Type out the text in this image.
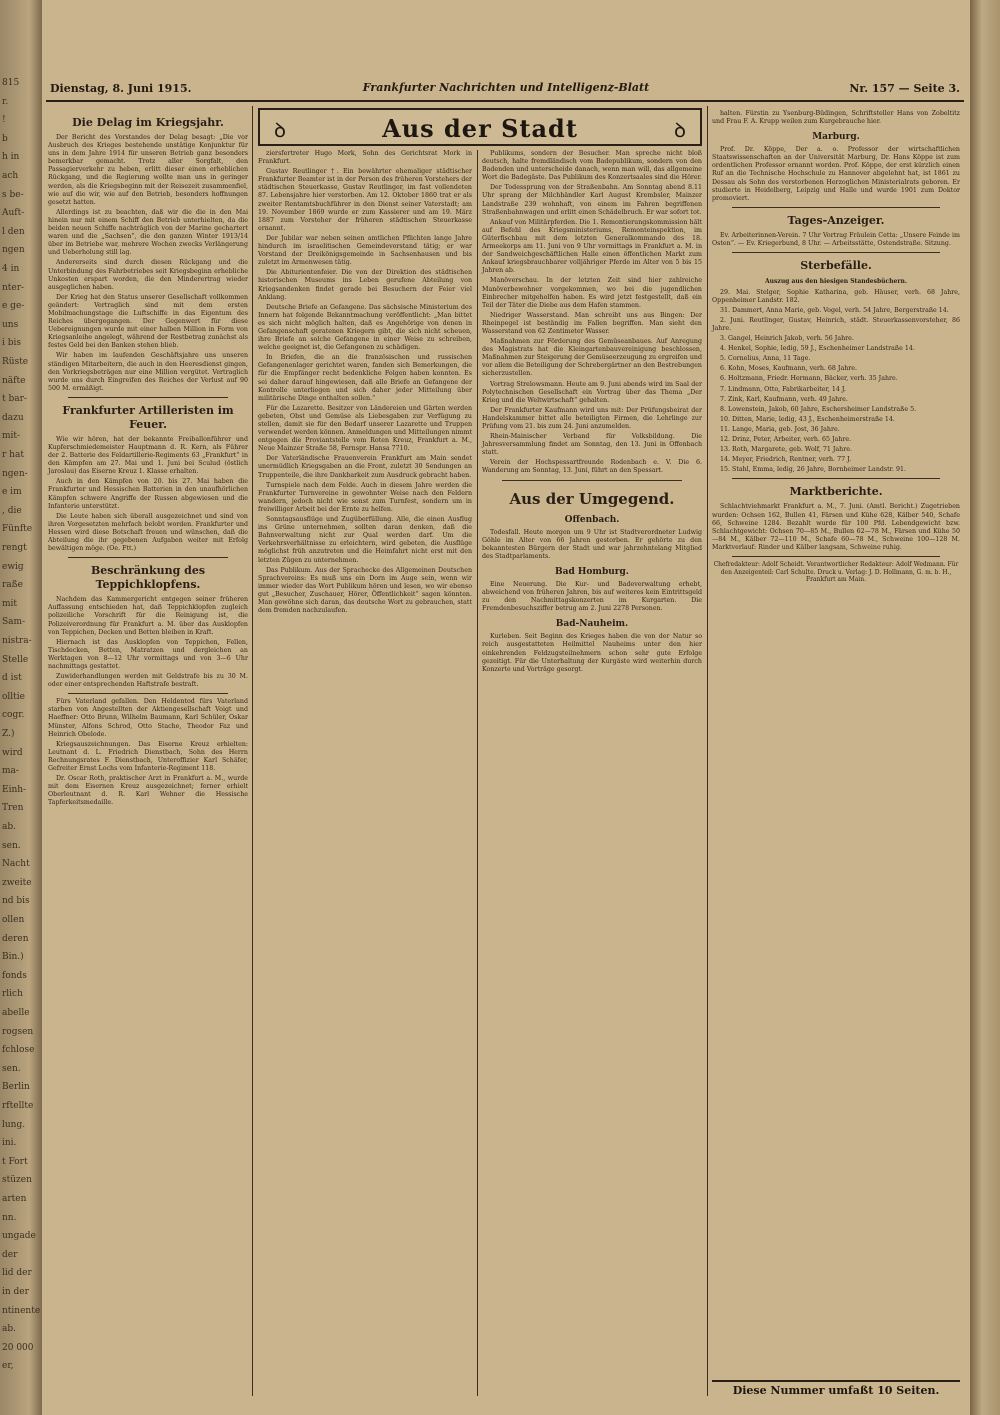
815
r.
!
b
h in
ach
s be-
Auft-
l den
ngen
4 in
nter-
e ge-
uns
i bis
Rüste
näfte
t bar-
dazu
mit-
r hat
ngen-
e im
, die
Fünfte
rengt
ewig
raße
mit
Sam-
nistra-
Stelle
d ist
olltie
cogr.
Z.)
wird
ma-
Einh-
Tren
ab.
sen.
Nacht
zweite
nd bis
ollen
deren
Bin.)
fonds
rlich
abelle
rogsen
fchlose
sen.
Berlin
rftellte
lung.
ini.
t Fort
stüzen
arten
nn.
ungade
der
lid der
in der
ntinente
ab.
20 000
er,
Dienstag, 8. Juni 1915.	Frankfurter Nachrichten und Intelligenz-Blatt	Nr. 157 — Seite 3.
ꝺ	Aus der Stadt	ꝺ
Die Delag im Kriegsjahr.

Der Bericht des Vorstandes der Delag besagt: „Die vor Ausbruch des Krieges bestehende unstätige Konjunktur für uns in dem Jahre 1914 für unseren Betrieb ganz besonders bemerkbar gemacht. Trotz aller Sorgfalt, den Passagierverkehr zu heben, erlitt dieser einen erheblichen Rückgang, und die Regierung wollte man uns in geringer werden, als die Kriegsbeginn mit der Reisezeit zusammenfiel, wie auf die wir, wie auf den Betrieb, besonders hoffnungen gesetzt hatten.

Allerdings ist zu beachten, daß wir die die in den Mai hinein nur mit einem Schiff den Betrieb unterhielten, da die beiden neuen Schiffe nachträglich von der Marine gechartert waren und die „Sachsen“, die den ganzen Winter 1913/14 über im Betriebe war, mehrere Wochen zwecks Verlängerung und Ueberholung still lag.

Andererseits sind durch diesen Rückgang und die Unterbindung des Fahrbetriebes seit Kriegsbeginn erhebliche Unkosten erspart worden, die den Minderertrag wieder ausgeglichen haben.

Der Krieg hat den Status unserer Gesellschaft vollkommen geändert: Vertraglich sind mit dem ersten Mobilmachungstage die Luftschiffe in das Eigentum des Reiches übergegangen. Der Gegenwert für diese Uebereignungen wurde mit einer halben Million in Form von Kriegsanleihe angelegt, während der Restbetrag zunächst als festes Geld bei den Banken stehen blieb.

Wir haben im laufenden Geschäftsjahre uns unseren ständigen Mitarbeitern, die auch in den Heeresdienst gingen, den Vorkriegsbeträgen nur eine Million vergütet. Vertraglich wurde uns durch Eingreifen des Reiches der Verlust auf 90 500 M. ermäßigt.

Frankfurter Artilleristen im Feuer.

Wie wir hören, hat der bekannte Freiballonführer und Kupferschmiedemeister Hauptmann d. R. Kern, als Führer der 2. Batterie des Feldartillerie-Regiments 63 „Frankfurt“ in den Kämpfen am 27. Mai und 1. Juni bei Sculud (östlich Jaroslau) das Eiserne Kreuz 1. Klasse erhalten.

Auch in den Kämpfen von 20. bis 27. Mai haben die Frankfurter und Hessischen Batterien in den unaufhörlichen Kämpfen schwere Angriffe der Russen abgewiesen und die Infanterie unterstützt.

Die Leute haben sich überall ausgezeichnet und sind von ihren Vorgesetzten mehrfach belobt worden. Frankfurter und Hessen wird diese Botschaft freuen und wünschen, daß die Abteilung die ihr gegebenen Aufgaben weiter mit Erfolg bewältigen möge. (Oe. Ftt.)

Beschränkung des Teppichklopfens.

Nachdem das Kammergericht entgegen seiner früheren Auffassung entschieden hat, daß Teppichklopfen zugleich polizeiliche Vorschrift für die Reinigung ist, die Polizeiverordnung für Frankfurt a. M. über das Ausklopfen von Teppichen, Decken und Betten bleiben in Kraft.

Hiernach ist das Ausklopfen von Teppichen, Fellen, Tischdecken, Betten, Matratzen und dergleichen an Werktagen von 8—12 Uhr vormittags und von 3—6 Uhr nachmittags gestattet.

Zuwiderhandlungen werden mit Geldstrafe bis zu 30 M. oder einer entsprechenden Haftstrafe bestraft.

Fürs Vaterland gefallen. Den Heldentod fürs Vaterland starben von Angestellten der Aktiengesellschaft Voigt und Haeffner: Otto Brunn, Wilhelm Baumann, Karl Schüler, Oskar Münster, Alfons Schrod, Otto Stache, Theodor Faz und Heinrich Obelode.

Kriegsauszeichnungen. Das Eiserne Kreuz erhielten: Leutnant d. L. Friedrich Dienstbach, Sohn des Herrn Rechnungsrates F. Dienstbach, Unteroffizier Karl Schäfer, Gefreiter Ernst Lochs vom Infanterie-Regiment 118.

Dr. Oscar Roth, praktischer Arzt in Frankfurt a. M., wurde mit dem Eisernen Kreuz ausgezeichnet; ferner erhielt Oberleutnant d. R. Karl Wehner die Hessische Tapferkeitsmedaille.

ziersfertreter Hugo Mork, Sohn des Gerichtsrat Mork in Frankfurt.

Gustav Reutlinger †. Ein bewährter ehemaliger städtischer Frankfurter Beamter ist in der Person des früheren Vorstehers der städtischen Steuerkasse, Gustav Reutlinger, im fast vollendeten 87. Lebensjahre hier verstorben. Am 12. Oktober 1860 trat er als zweiter Rentamtsbuchführer in den Dienst seiner Vaterstadt; am 19. November 1869 wurde er zum Kassierer und am 19. März 1887 zum Vorsteher der früheren städtischen Steuerkasse ernannt.

Der Jubilar war neben seinen amtlichen Pflichten lange Jahre hindurch im israelitischen Gemeindevorstand tätig; er war Vorstand der Dreikönigsgemeinde in Sachsenhausen und bis zuletzt im Armenwesen tätig.

Die Abiturientenfeier. Die von der Direktion des städtischen historischen Museums ins Leben gerufene Abteilung von Kriegsandenken findet gerade bei Besuchern der Feier viel Anklang.

Deutsche Briefe an Gefangene. Das sächsische Ministerium des Innern hat folgende Bekanntmachung veröffentlicht: „Man bittet es sich nicht möglich halten, daß es Angehörige von denen in Gefangenschaft geratenen Kriegern gibt, die sich nicht scheuen, ihre Briefe an solche Gefangene in einer Weise zu schreiben, welche geeignet ist, die Gefangenen zu schädigen.

In Briefen, die an die französischen und russischen Gefangenenlager gerichtet waren, fanden sich Bemerkungen, die für die Empfänger recht bedenkliche Folgen haben konnten. Es sei daher darauf hingewiesen, daß alle Briefe an Gefangene der Kontrolle unterliegen und sich daher jeder Mitteilung über militärische Dinge enthalten sollen.“

Für die Lazarette. Besitzer von Ländereien und Gärten werden gebeten, Obst und Gemüse als Liebesgaben zur Verfügung zu stellen, damit sie für den Bedarf unserer Lazarette und Truppen verwendet werden können. Anmeldungen und Mitteilungen nimmt entgegen die Proviantstelle vom Roten Kreuz, Frankfurt a. M., Neue Mainzer Straße 58, Fernspr. Hansa 7710.

Der Vaterländische Frauenverein Frankfurt am Main sendet unermüdlich Kriegsgaben an die Front, zuletzt 30 Sendungen an Truppenteile, die ihre Dankbarkeit zum Ausdruck gebracht haben.

Turnspiele nach dem Felde. Auch in diesem Jahre werden die Frankfurter Turnvereine in gewohnter Weise nach den Feldern wandern, jedoch nicht wie sonst zum Turnfest, sondern um in freiwilliger Arbeit bei der Ernte zu helfen.

Sonntagsausflüge und Zugüberfüllung. Alle, die einen Ausflug ins Grüne unternehmen, sollten daran denken, daß die Bahnverwaltung nicht zur Qual werden darf. Um die Verkehrsverhältnisse zu erleichtern, wird gebeten, die Ausflüge möglichst früh anzutreten und die Heimfahrt nicht erst mit den letzten Zügen zu unternehmen.

Das Publikum. Aus der Sprachecke des Allgemeinen Deutschen Sprachvereins: Es muß uns ein Dorn im Auge sein, wenn wir immer wieder das Wort Publikum hören und lesen, wo wir ebenso gut „Besucher, Zuschauer, Hörer, Öffentlichkeit“ sagen könnten. Man gewöhne sich daran, das deutsche Wort zu gebrauchen, statt dem fremden nachzulaufen.

Publikums, sondern der Besucher. Man spreche nicht bloß deutsch, halte fremdländisch vom Badepublikum, sondern von den Badenden und unterscheide danach, wenn man will, das allgemeine Wort die Badegäste. Das Publikum des Konzertsaales sind die Hörer.

Der Todessprung von der Straßenbahn. Am Sonntag abend 8.11 Uhr sprang der Milchhändler Karl August Krembsler, Mainzer Landstraße 239 wohnhaft, von einem im Fahren begriffenen Straßenbahnwagen und erlitt einen Schädelbruch. Er war sofort tot.

Ankauf von Militärpferden. Die 1. Remontierungskommission hält auf Befehl des Kriegsministeriums, Remonteinspektion, im Güterfischbau mit dem letzten Generalkommando des 18. Armeekorps am 11. Juni von 9 Uhr vormittags in Frankfurt a. M. in der Sandweichgeschäftlichen Halle einen öffentlichen Markt zum Ankauf kriegsbrauchbarer volljähriger Pferde im Alter von 5 bis 15 Jahren ab.

Manöverschau. In der letzten Zeit sind hier zahlreiche Manöverbewohner vorgekommen, wo bei die jugendlichen Einbrecher mitgeholfen haben. Es wird jetzt festgestellt, daß ein Teil der Täter die Diebe aus dem Hafen stammen.

Niedriger Wasserstand. Man schreibt uns aus Bingen: Der Rheinpegel ist beständig im Fallen begriffen. Man sieht den Wasserstand von 62 Zentimeter Wasser.

Maßnahmen zur Förderung des Gemüseanbaues. Auf Anregung des Magistrats hat die Kleingartenbauvereinigung beschlossen, Maßnahmen zur Steigerung der Gemüseerzeugung zu ergreifen und vor allem die Beteiligung der Schrebergärtner an den Bestrebungen sicherzustellen.

Vortrag Strelowsmann. Heute am 9. Juni abends wird im Saal der Polytechnischen Gesellschaft ein Vortrag über das Thema „Der Krieg und die Weltwirtschaft“ gehalten.

Der Frankfurter Kaufmann wird uns mit: Der Prüfungsbeirat der Handelskammer bittet alle beteiligten Firmen, die Lehrlinge zur Prüfung vom 21. bis zum 24. Juni anzumelden.

Rhein-Mainischer Verband für Volksbildung. Die Jahresversammlung findet am Sonntag, den 13. Juni in Offenbach statt.

Verein der Hochspessartfreunde Rodenbach e. V. Die 6. Wanderung am Sonntag, 13. Juni, führt an den Spessart.

Aus der Umgegend.
Offenbach.

Todesfall. Heute morgen um 9 Uhr ist Stadtverordneter Ludwig Göhle im Alter von 66 Jahren gestorben. Er gehörte zu den bekanntesten Bürgern der Stadt und war jahrzehntelang Mitglied des Stadtparlaments.

Bad Homburg.

Eine Neuerung. Die Kur- und Badeverwaltung erhebt, abweichend von früheren Jahren, bis auf weiteres kein Eintrittsgeld zu den Nachmittagskonzerten im Kurgarten. Die Fremdenbesuchsziffer betrug am 2. Juni 2278 Personen.

Bad-Nauheim.

Kurleben. Seit Beginn des Krieges haben die von der Natur so reich ausgestatteten Heilmittel Nauheims unter den hier einkehrenden Feldzugsteilnehmern schon sehr gute Erfolge gezeitigt. Für die Unterhaltung der Kurgäste wird weiterhin durch Konzerte und Vorträge gesorgt.

halten. Fürstin zu Ysenburg-Büdingen, Schriftsteller Hans von Zobeltitz und Frau F. A. Krupp weilen zum Kurgebrauche hier.

Marburg.

Prof. Dr. Köppe, Der a. o. Professor der wirtschaftlichen Staatswissenschaften an der Universität Marburg, Dr. Hans Köppe ist zum ordentlichen Professor ernannt worden. Prof. Köppe, der erst kürzlich einen Ruf an die Technische Hochschule zu Hannover abgelehnt hat, ist 1861 zu Dessau als Sohn des verstorbenen Herzoglichen Ministerialrats geboren. Er studierte in Heidelberg, Leipzig und Halle und wurde 1901 zum Doktor promoviert.

Tages-Anzeiger.

Ev. Arbeiterinnen-Verein. 7 Uhr Vortrag Fräulein Cetta: „Unsere Feinde im Osten“. — Ev. Kriegerbund, 8 Uhr. — Arbeitsstätte, Ostendstraße. Sitzung.

Sterbefälle.
Auszug aus den hiesigen Standesbüchern.

29. Mai. Stelger, Sophie Katharina, geb. Häuser, verh. 68 Jahre, Oppenheimer Landstr. 182.

31. Dammert, Anna Marie, geb. Vogel, verh. 54 Jahre, Bergerstraße 14.

2. Juni. Reutlinger, Gustav, Heinrich, städt. Steuerkassenvorsteher, 86 Jahre.

3. Gangel, Heinrich Jakob, verh. 56 Jahre.

4. Henkel, Sophie, ledig, 59 J., Eschenheimer Landstraße 14.

5. Cornelius, Anna, 11 Tage.

6. Kohn, Moses, Kaufmann, verh. 68 Jahre.

6. Holtzmann, Friedr. Hermann, Bäcker, verh. 35 Jahre.

7. Lindmann, Otto, Fabrikarbeiter, 14 J.

7. Zink, Karl, Kaufmann, verh. 49 Jahre.

8. Lowenstein, Jakob, 60 Jahre, Eschersheimer Landstraße 5.

10. Ditten, Marie, ledig, 43 J., Eschenheimerstraße 14.

11. Lange, Maria, geb. Jost, 36 Jahre.

12. Drinz, Peter, Arbeiter, verh. 65 Jahre.

13. Roth, Margarete, geb. Wolf, 71 Jahre.

14. Meyer, Friedrich, Rentner, verh. 77 J.

15. Stahl, Emma, ledig, 26 Jahre, Bornheimer Landstr. 91.

Marktberichte.

Schlachtviehmarkt Frankfurt a. M., 7. Juni. (Amtl. Bericht.) Zugetrieben wurden: Ochsen 162, Bullen 41, Färsen und Kühe 628, Kälber 540, Schafe 66, Schweine 1284. Bezahlt wurde für 100 Pfd. Lebendgewicht bzw. Schlachtgewicht: Ochsen 70—85 M., Bullen 62—78 M., Färsen und Kühe 50—84 M., Kälber 72—110 M., Schafe 60—78 M., Schweine 100—128 M. Marktverlauf: Rinder und Kälber langsam, Schweine ruhig.

Chefredakteur: Adolf Scheidt. Verantwortlicher Redakteur: Adolf Wedmann. Für den Anzeigenteil: Carl Schulte. Druck u. Verlag: J. D. Hollmann, G. m. b. H., Frankfurt am Main.

Diese Nummer umfaßt 10 Seiten.
